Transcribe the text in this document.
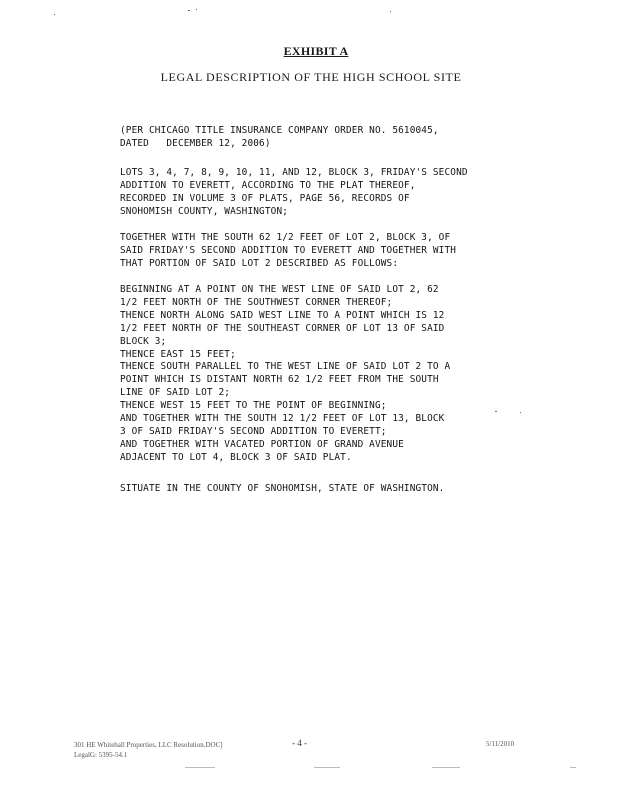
EXHIBIT A
LEGAL DESCRIPTION OF THE HIGH SCHOOL SITE
(PER CHICAGO TITLE INSURANCE COMPANY ORDER NO. 5610045,
DATED   DECEMBER 12, 2006)
LOTS 3, 4, 7, 8, 9, 10, 11, AND 12, BLOCK 3, FRIDAY'S SECOND
ADDITION TO EVERETT, ACCORDING TO THE PLAT THEREOF,
RECORDED IN VOLUME 3 OF PLATS, PAGE 56, RECORDS OF
SNOHOMISH COUNTY, WASHINGTON;
TOGETHER WITH THE SOUTH 62 1/2 FEET OF LOT 2, BLOCK 3, OF
SAID FRIDAY'S SECOND ADDITION TO EVERETT AND TOGETHER WITH
THAT PORTION OF SAID LOT 2 DESCRIBED AS FOLLOWS:
BEGINNING AT A POINT ON THE WEST LINE OF SAID LOT 2, 62
1/2 FEET NORTH OF THE SOUTHWEST CORNER THEREOF;
THENCE NORTH ALONG SAID WEST LINE TO A POINT WHICH IS 12
1/2 FEET NORTH OF THE SOUTHEAST CORNER OF LOT 13 OF SAID
BLOCK 3;
THENCE EAST 15 FEET;
THENCE SOUTH PARALLEL TO THE WEST LINE OF SAID LOT 2 TO A
POINT WHICH IS DISTANT NORTH 62 1/2 FEET FROM THE SOUTH
LINE OF SAID LOT 2;
THENCE WEST 15 FEET TO THE POINT OF BEGINNING;
AND TOGETHER WITH THE SOUTH 12 1/2 FEET OF LOT 13, BLOCK
3 OF SAID FRIDAY'S SECOND ADDITION TO EVERETT;
AND TOGETHER WITH VACATED PORTION OF GRAND AVENUE
ADJACENT TO LOT 4, BLOCK 3 OF SAID PLAT.
SITUATE IN THE COUNTY OF SNOHOMISH, STATE OF WASHINGTON.
301 HE Whitehall Properties, LLC Resolution.DOC]
LegalG: 5395-54.1
- 4 -	5/11/2010
